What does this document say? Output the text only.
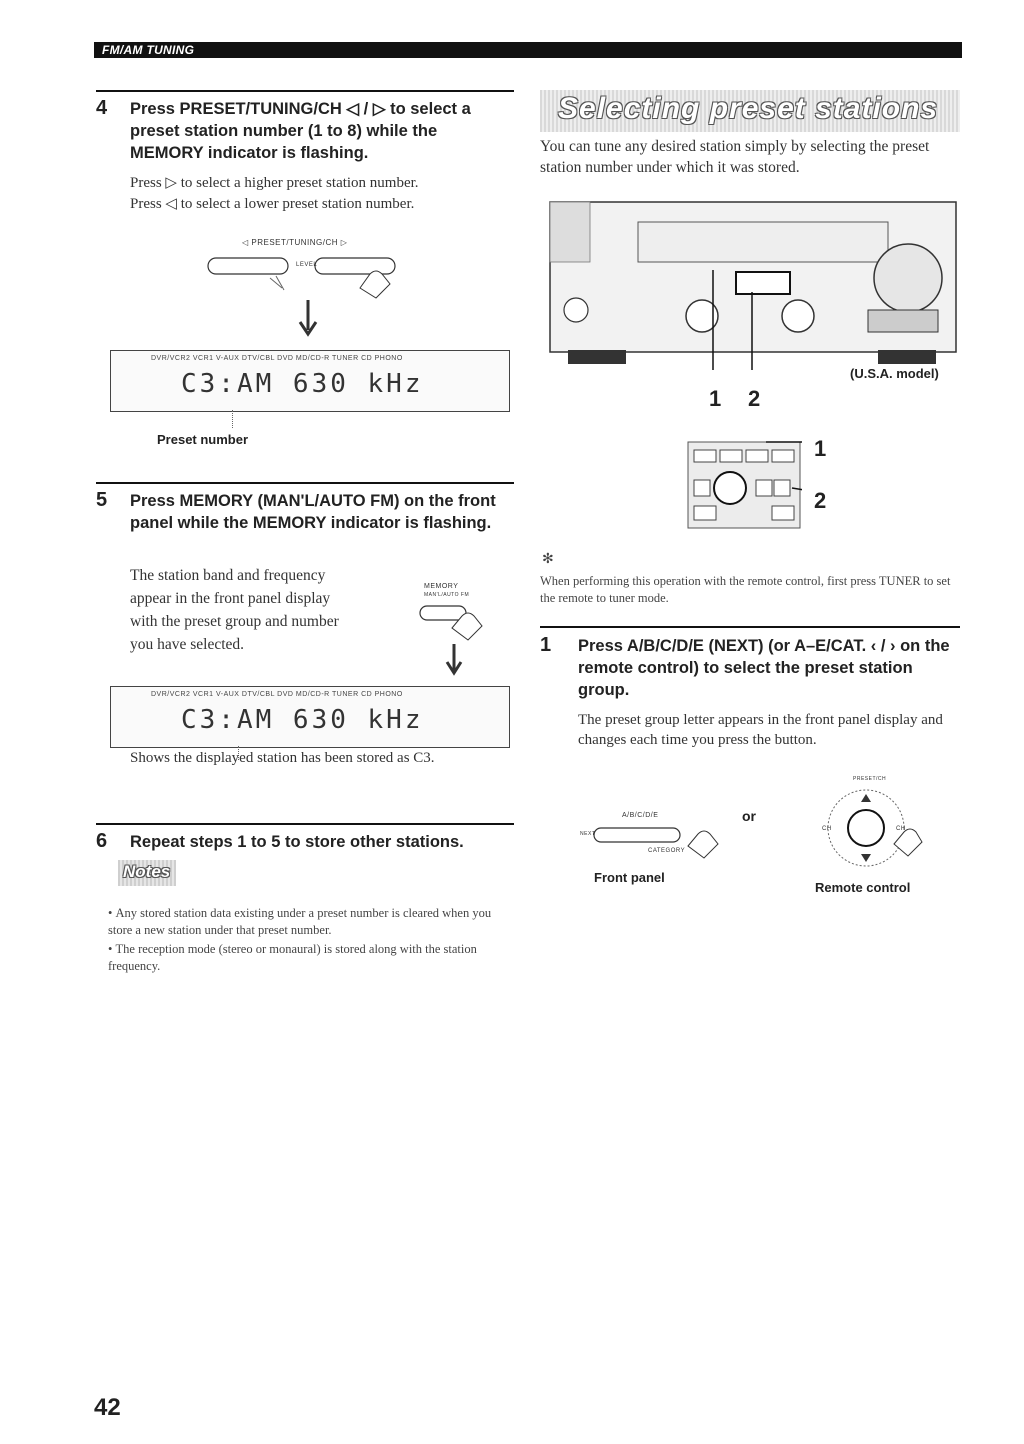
FM/AM TUNING
4 Press PRESET/TUNING/CH ◁ / ▷ to select a preset station number (1 to 8) while the MEMORY indicator is flashing.
Press ▷ to select a higher preset station number.
Press ◁ to select a lower preset station number.
◁ PRESET/TUNING/CH ▷
LEVEL
DVR/VCR2 VCR1 V-AUX DTV/CBL DVD MD/CD-R TUNER CD PHONO
C3:AM 630 kHz
Preset number
5 Press MEMORY (MAN'L/AUTO FM) on the front panel while the MEMORY indicator is flashing.
The station band and frequency appear in the front panel display with the preset group and number you have selected.
MEMORY
MAN'L/AUTO FM
DVR/VCR2 VCR1 V-AUX DTV/CBL DVD MD/CD-R TUNER CD PHONO
C3:AM 630 kHz
Shows the displayed station has been stored as C3.
6 Repeat steps 1 to 5 to store other stations.
Notes
• Any stored station data existing under a preset number is cleared when you store a new station under that preset number.
• The reception mode (stereo or monaural) is stored along with the station frequency.
Selecting preset stations
You can tune any desired station simply by selecting the preset station number under which it was stored.
(U.S.A. model)
1 2
1
2
✻
When performing this operation with the remote control, first press TUNER to set the remote to tuner mode.
1 Press A/B/C/D/E (NEXT) (or A–E/CAT. ‹ / › on the remote control) to select the preset station group.
The preset group letter appears in the front panel display and changes each time you press the button.
A/B/C/D/E
NEXT
CATEGORY
Front panel
or
PRESET/CH
CH	CH
Remote control
42
